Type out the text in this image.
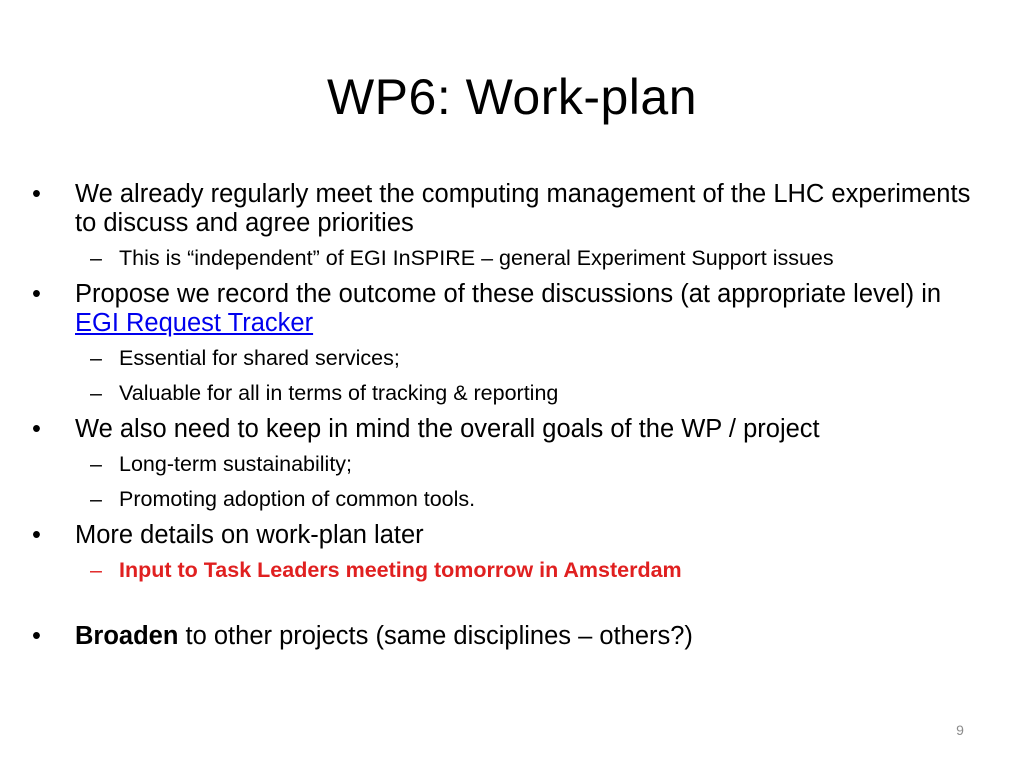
WP6: Work-plan
•	We already regularly meet the computing management of the LHC experiments to discuss and agree priorities
– This is “independent” of EGI InSPIRE – general Experiment Support issues
•	Propose we record the outcome of these discussions (at appropriate level) in EGI Request Tracker
– Essential for shared services;
– Valuable for all in terms of tracking & reporting
•	We also need to keep in mind the overall goals of the WP / project
– Long-term sustainability;
– Promoting adoption of common tools.
•	More details on work-plan later
– Input to Task Leaders meeting tomorrow in Amsterdam
•	Broaden to other projects (same disciplines – others?)
9
